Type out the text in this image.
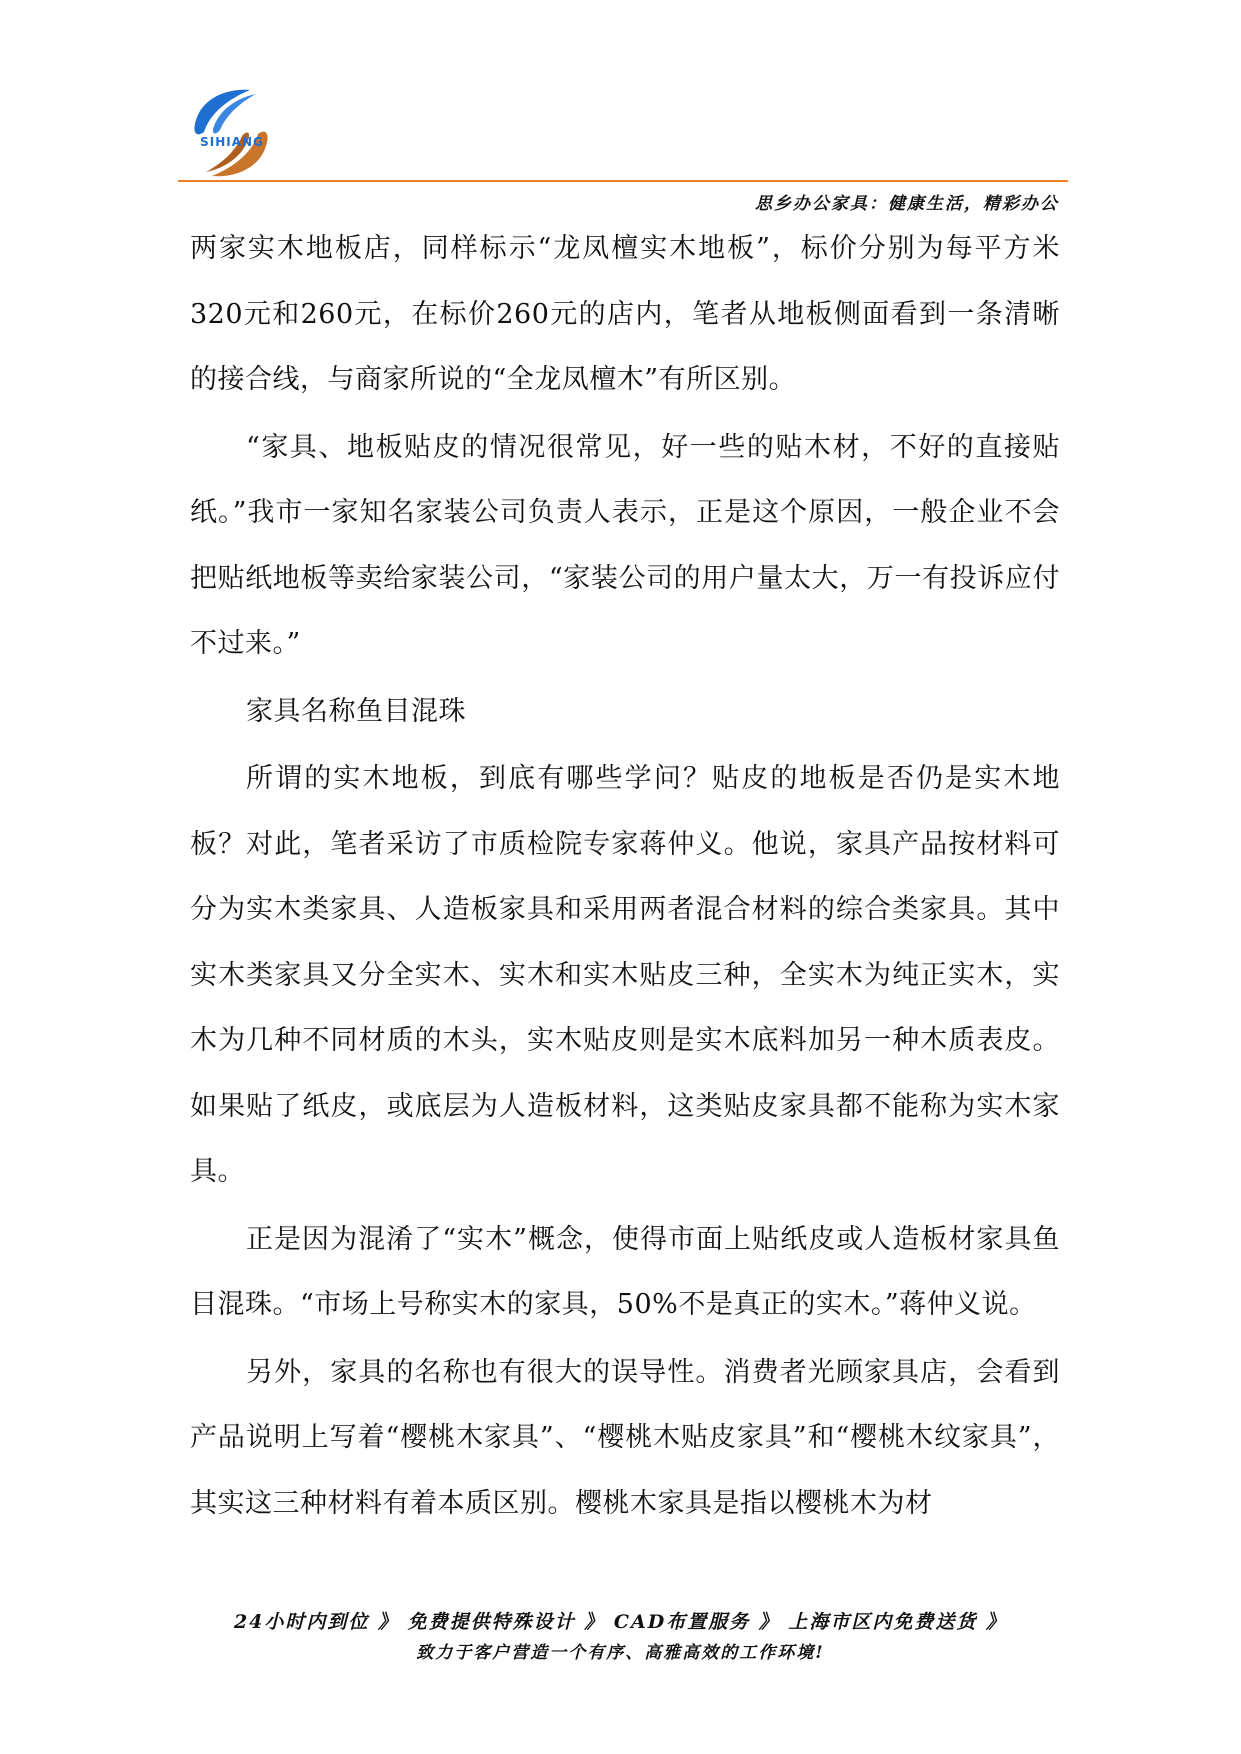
SIHIANG
思乡办公家具：健康生活，精彩办公

两家实木地板店，同样标示“龙凤檀实木地板”，标价分别为每平方米320元和260元，在标价260元的店内，笔者从地板侧面看到一条清晰的接合线，与商家所说的“全龙凤檀木”有所区别。

“家具、地板贴皮的情况很常见，好一些的贴木材，不好的直接贴纸。”我市一家知名家装公司负责人表示，正是这个原因，一般企业不会把贴纸地板等卖给家装公司，“家装公司的用户量太大，万一有投诉应付不过来。”

家具名称鱼目混珠

所谓的实木地板，到底有哪些学问？贴皮的地板是否仍是实木地板？对此，笔者采访了市质检院专家蒋仲义。他说，家具产品按材料可分为实木类家具、人造板家具和采用两者混合材料的综合类家具。其中实木类家具又分全实木、实木和实木贴皮三种，全实木为纯正实木，实木为几种不同材质的木头，实木贴皮则是实木底料加另一种木质表皮。如果贴了纸皮，或底层为人造板材料，这类贴皮家具都不能称为实木家具。

正是因为混淆了“实木”概念，使得市面上贴纸皮或人造板材家具鱼目混珠。“市场上号称实木的家具，50%不是真正的实木。”蒋仲义说。

另外，家具的名称也有很大的误导性。消费者光顾家具店，会看到产品说明上写着“樱桃木家具”、“樱桃木贴皮家具”和“樱桃木纹家具”，其实这三种材料有着本质区别。樱桃木家具是指以樱桃木为材

24小时内到位 》 免费提供特殊设计 》 CAD布置服务 》 上海市区内免费送货 》
致力于客户营造一个有序、高雅高效的工作环境!
